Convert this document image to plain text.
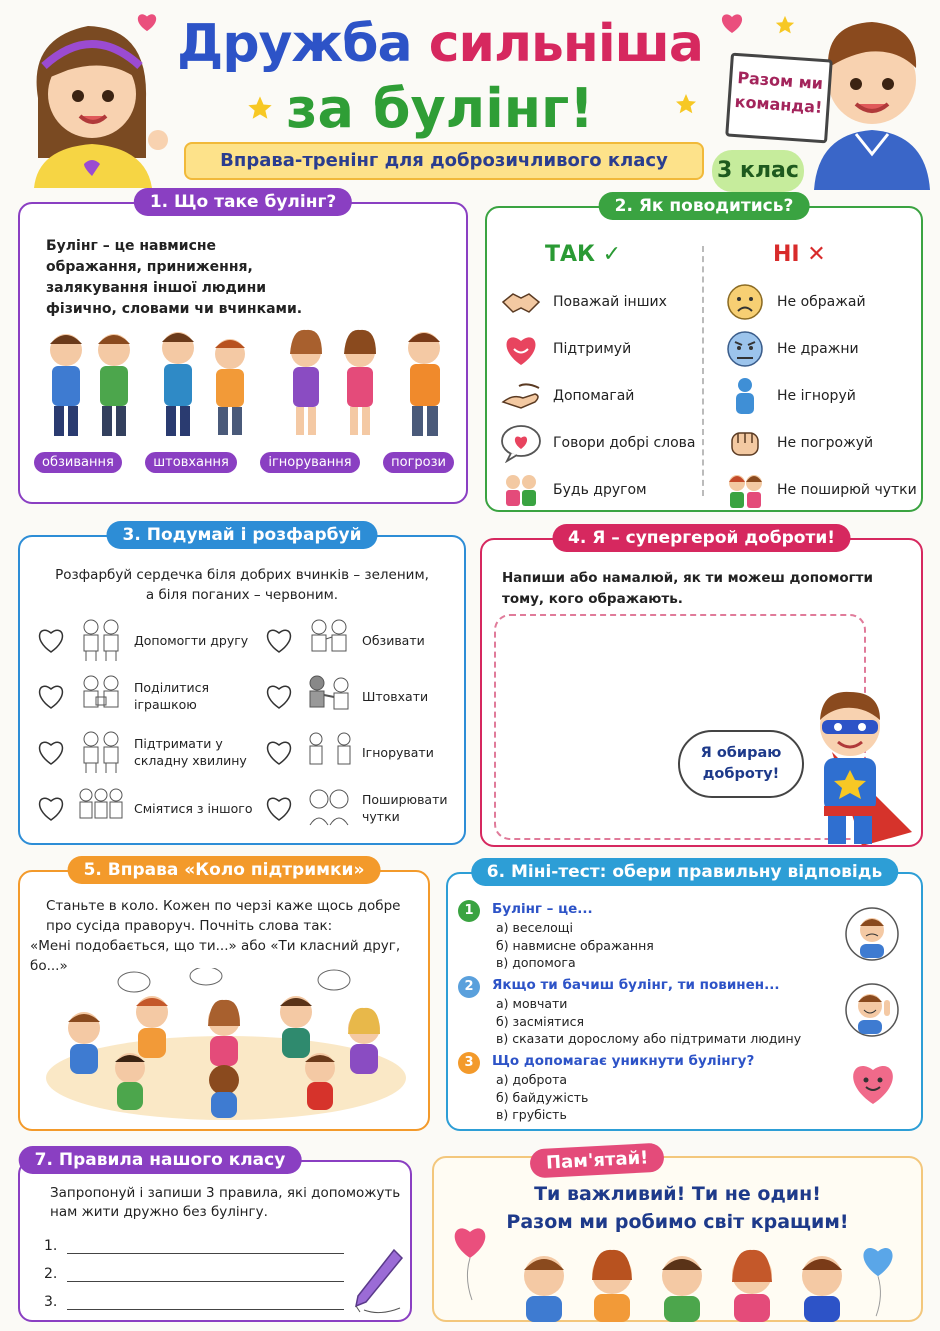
Дружба сильніша
за булінг!
Вправа-тренінг для доброзичливого класу	3 клас
Разом ми команда!
1. Що таке булінг?
Булінг – це навмисне ображання, приниження, залякування іншої людини фізично, словами чи вчинками.
обзивання	штовхання	ігнорування	погрози
2. Як поводитись?
ТАК ✓	НІ ✕
Поважай інших
Підтримуй
Допомагай
Говори добрі слова
Будь другом
Не ображай
Не дражни
Не ігноруй
Не погрожуй
Не поширюй чутки
3. Подумай і розфарбуй
Розфарбуй сердечка біля добрих вчинків – зеленим,
а біля поганих – червоним.
Допомогти другу
Поділитися іграшкою
Підтримати у складну хвилину
Сміятися з іншого
Обзивати
Штовхати
Ігнорувати
Поширювати чутки
4. Я – супергерой доброти!
Напиши або намалюй, як ти можеш допомогти тому, кого ображають.
Я обираю
доброту!
5. Вправа «Коло підтримки»
Станьте в коло. Кожен по черзі каже щось добре про сусіда праворуч. Почніть слова так:
«Мені подобається, що ти...» або «Ти класний друг, бо...»
6. Міні-тест: обери правильну відповідь
1	Булінг – це...
а) веселощі
б) навмисне ображання
в) допомога
2	Якщо ти бачиш булінг, ти повинен...
а) мовчати
б) засміятися
в) сказати дорослому або підтримати людину
3	Що допомагає уникнути булінгу?
а) доброта
б) байдужість
в) грубість
7. Правила нашого класу
Запропонуй і запиши 3 правила, які допоможуть нам жити дружно без булінгу.
1.
2.
3.
Пам'ятай!
Ти важливий! Ти не один!
Разом ми робимо світ кращим!
